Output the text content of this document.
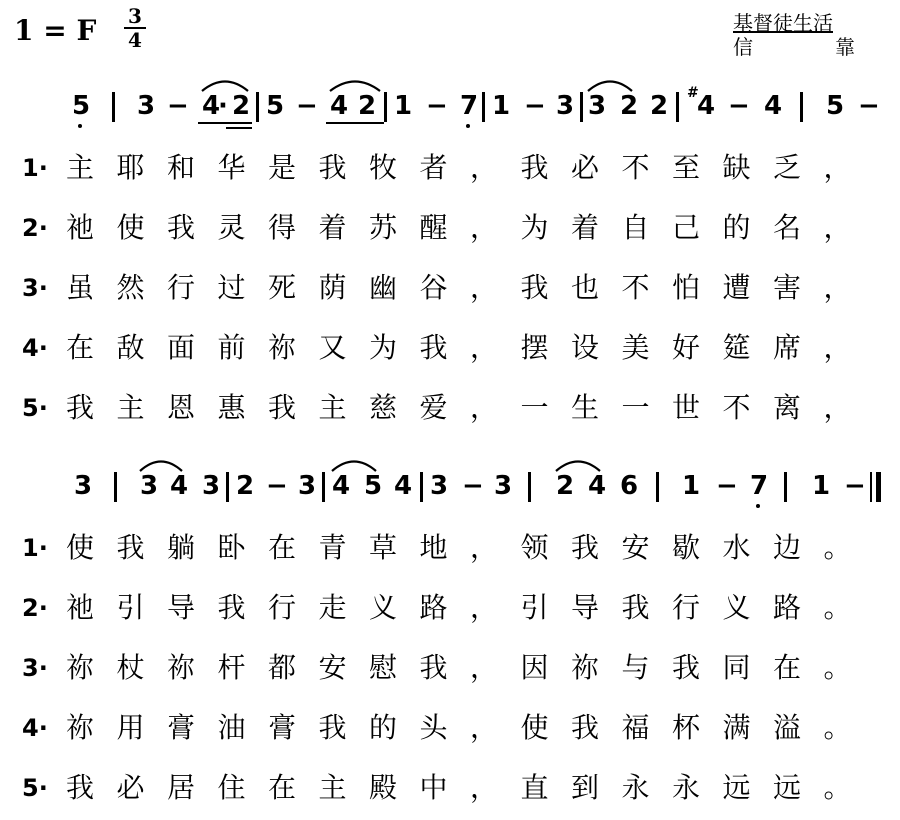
1 = F 3
4
基督徒生活
信	靠
5 3 − 4
· 2 5 − 4 2 1 − 7 1 − 3 3 2 2 4
# − 4 5 −
1· 主 耶 和 华 是 我 牧 者 ， 我 必 不 至 缺 乏 ，
2· 祂 使 我 灵 得 着 苏 醒 ， 为 着 自 己 的 名 ，
3· 虽 然 行 过 死 荫 幽 谷 ， 我 也 不 怕 遭 害 ，
4· 在 敌 面 前 祢 又 为 我 ， 摆 设 美 好 筵 席 ，
5· 我 主 恩 惠 我 主 慈 爱 ， 一 生 一 世 不 离 ，
3 3 4 3 2 − 3 4 5 4 3 − 3 2 4 6 1 − 7 1 −
1· 使 我 躺 卧 在 青 草 地 ， 领 我 安 歇 水 边 。
2· 祂 引 导 我 行 走 义 路 ， 引 导 我 行 义 路 。
3· 祢 杖 祢 杆 都 安 慰 我 ， 因 祢 与 我 同 在 。
4· 祢 用 膏 油 膏 我 的 头 ， 使 我 福 杯 满 溢 。
5· 我 必 居 住 在 主 殿 中 ， 直 到 永 永 远 远 。
